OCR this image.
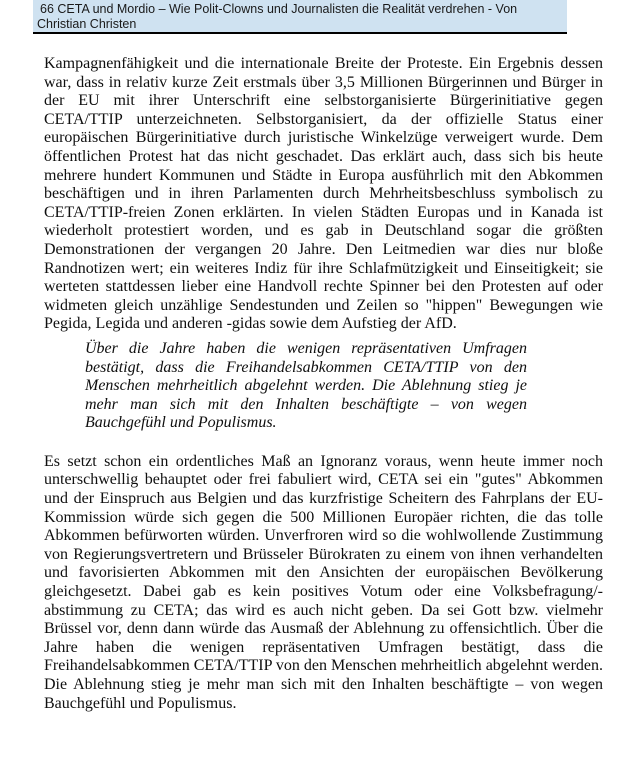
66 CETA und Mordio – Wie Polit-Clowns und Journalisten die Realität verdrehen - Von Christian Christen

Kampagnenfähigkeit und die internationale Breite der Proteste. Ein Ergebnis dessen war, dass in relativ kurze Zeit erstmals über 3,5 Millionen Bürgerinnen und Bürger in der EU mit ihrer Unterschrift eine selbstorganisierte Bürgerinitiative gegen CETA/TTIP unterzeichneten. Selbstorganisiert, da der offizielle Status einer europäischen Bürgerinitiative durch juristische Winkelzüge verweigert wurde. Dem öffentlichen Protest hat das nicht geschadet. Das erklärt auch, dass sich bis heute mehrere hundert Kommunen und Städte in Europa ausführlich mit den Abkommen beschäftigen und in ihren Parlamenten durch Mehrheitsbeschluss symbolisch zu CETA/TTIP-freien Zonen erklärten. In vielen Städten Europas und in Kanada ist wiederholt protestiert worden, und es gab in Deutschland sogar die größten Demonstrationen der vergangen 20 Jahre. Den Leitmedien war dies nur bloße Randnotizen wert; ein weiteres Indiz für ihre Schlafmützigkeit und Einseitigkeit; sie werteten stattdessen lieber eine Handvoll rechte Spinner bei den Protesten auf oder widmeten gleich unzählige Sendestunden und Zeilen so "hippen" Bewegungen wie Pegida, Legida und anderen -gidas sowie dem Aufstieg der AfD.

Über die Jahre haben die wenigen repräsentativen Umfragen bestätigt, dass die Freihandelsabkommen CETA/TTIP von den Menschen mehrheitlich abgelehnt werden. Die Ablehnung stieg je mehr man sich mit den Inhalten beschäftigte – von wegen Bauchgefühl und Populismus.

Es setzt schon ein ordentliches Maß an Ignoranz voraus, wenn heute immer noch unterschwellig behauptet oder frei fabuliert wird, CETA sei ein "gutes" Abkommen und der Einspruch aus Belgien und das kurzfristige Scheitern des Fahrplans der EU-Kommission würde sich gegen die 500 Millionen Europäer richten, die das tolle Abkommen befürworten würden. Unverfroren wird so die wohlwollende Zustimmung von Regierungsvertretern und Brüsseler Bürokraten zu einem von ihnen verhandelten und favorisierten Abkommen mit den Ansichten der europäischen Bevölkerung gleichgesetzt. Dabei gab es kein positives Votum oder eine Volksbefragung/-abstimmung zu CETA; das wird es auch nicht geben. Da sei Gott bzw. vielmehr Brüssel vor, denn dann würde das Ausmaß der Ablehnung zu offensichtlich. Über die Jahre haben die wenigen repräsentativen Umfragen bestätigt, dass die Freihandelsabkommen CETA/TTIP von den Menschen mehrheitlich abgelehnt werden. Die Ablehnung stieg je mehr man sich mit den Inhalten beschäftigte – von wegen Bauchgefühl und Populismus.
